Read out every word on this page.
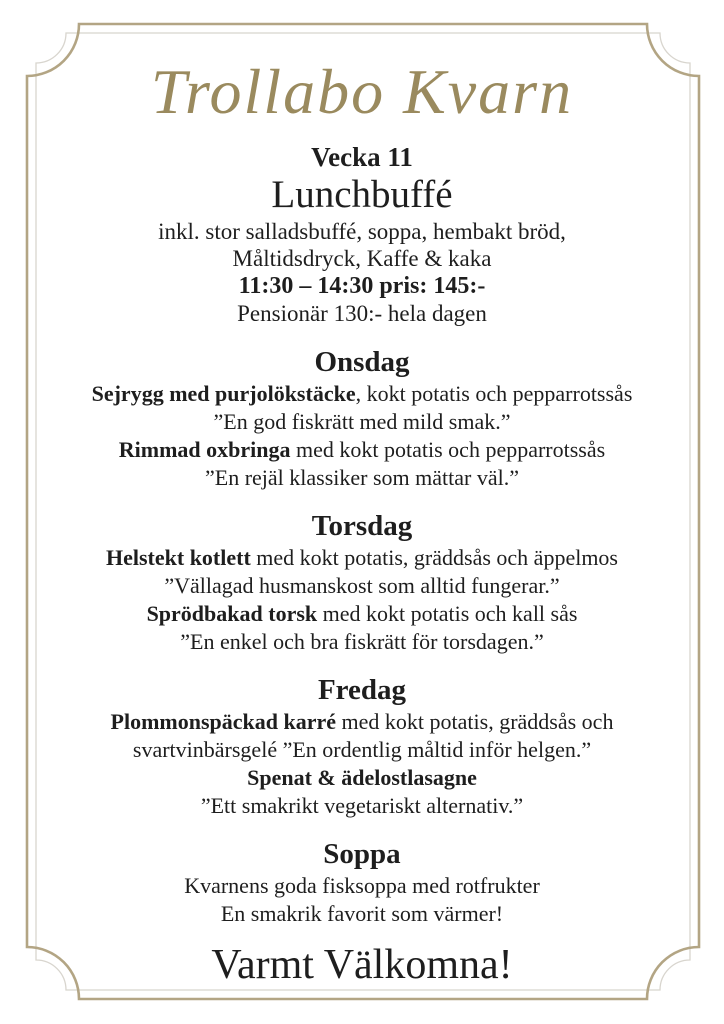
Trollabo Kvarn
Vecka 11
Lunchbuffé
inkl. stor salladsbuffé, soppa, hembakt bröd,
Måltidsdryck, Kaffe & kaka
11:30 – 14:30 pris: 145:-
Pensionär 130:- hela dagen
Onsdag
Sejrygg med purjolökstäcke, kokt potatis och pepparrotssås
”En god fiskrätt med mild smak.”
Rimmad oxbringa med kokt potatis och pepparrotssås
”En rejäl klassiker som mättar väl.”
Torsdag
Helstekt kotlett med kokt potatis, gräddsås och äppelmos
”Vällagad husmanskost som alltid fungerar.”
Sprödbakad torsk med kokt potatis och kall sås
”En enkel och bra fiskrätt för torsdagen.”
Fredag
Plommonspäckad karré med kokt potatis, gräddsås och
svartvinbärsgelé ”En ordentlig måltid inför helgen.”
Spenat & ädelostlasagne
”Ett smakrikt vegetariskt alternativ.”
Soppa
Kvarnens goda fisksoppa med rotfrukter
En smakrik favorit som värmer!
Varmt Välkomna!
